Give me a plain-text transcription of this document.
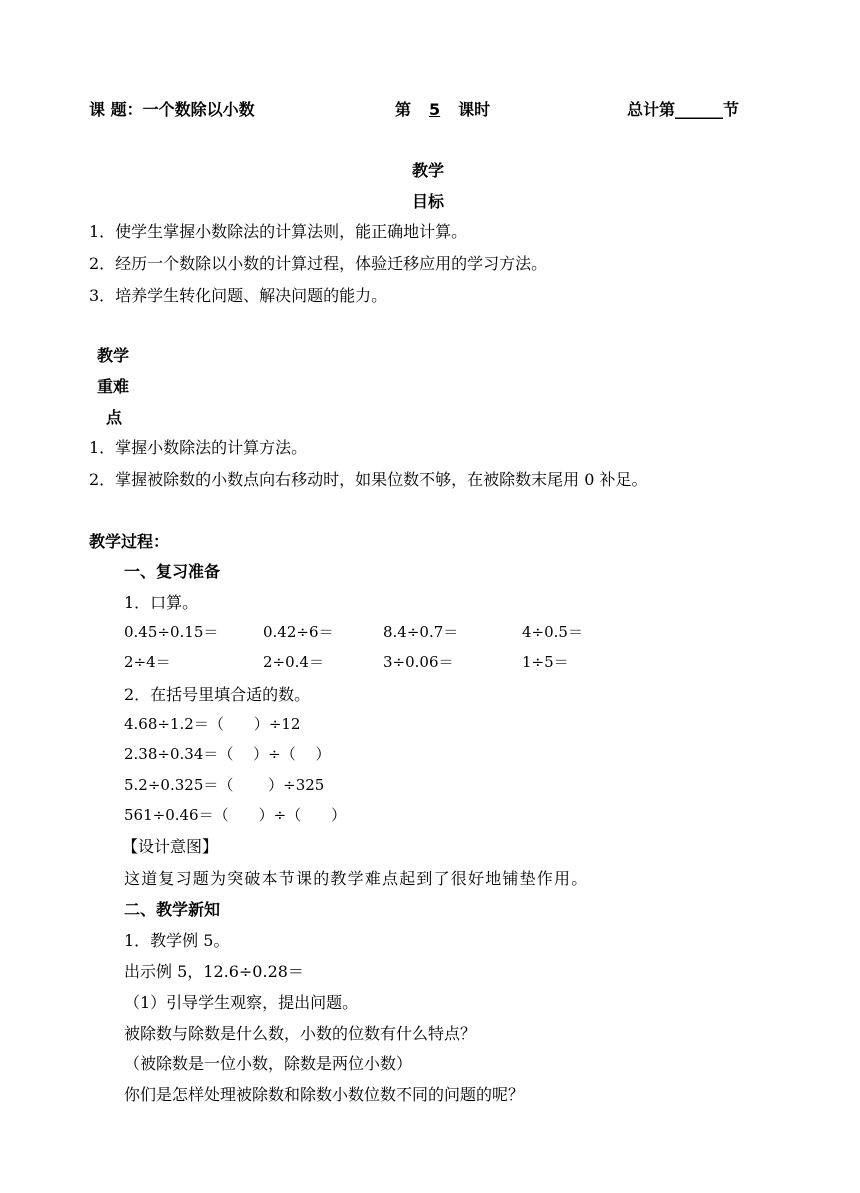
课 题：一个数除以小数	第 5 课时	总计第______节
教学
目标
1．使学生掌握小数除法的计算法则，能正确地计算。
2．经历一个数除以小数的计算过程，体验迁移应用的学习方法。
3．培养学生转化问题、解决问题的能力。
教学
重难
点
1．掌握小数除法的计算方法。
2．掌握被除数的小数点向右移动时，如果位数不够，在被除数末尾用 0 补足。
教学过程：
一、复习准备
1．口算。
0.45÷0.15＝	0.42÷6＝	8.4÷0.7＝	4÷0.5＝
2÷4＝	2÷0.4＝	3÷0.06＝	1÷5＝
2．在括号里填合适的数。
4.68÷1.2＝（　　）÷12
2.38÷0.34＝（　 ）÷（　 ）
5.2÷0.325＝（　　 ）÷325
561÷0.46＝（　　）÷（　　）
【设计意图】
这道复习题为突破本节课的教学难点起到了很好地铺垫作用。
二、教学新知
1．教学例 5。
出示例 5，12.6÷0.28＝
（1）引导学生观察，提出问题。
被除数与除数是什么数，小数的位数有什么特点？
（被除数是一位小数，除数是两位小数）
你们是怎样处理被除数和除数小数位数不同的问题的呢？
